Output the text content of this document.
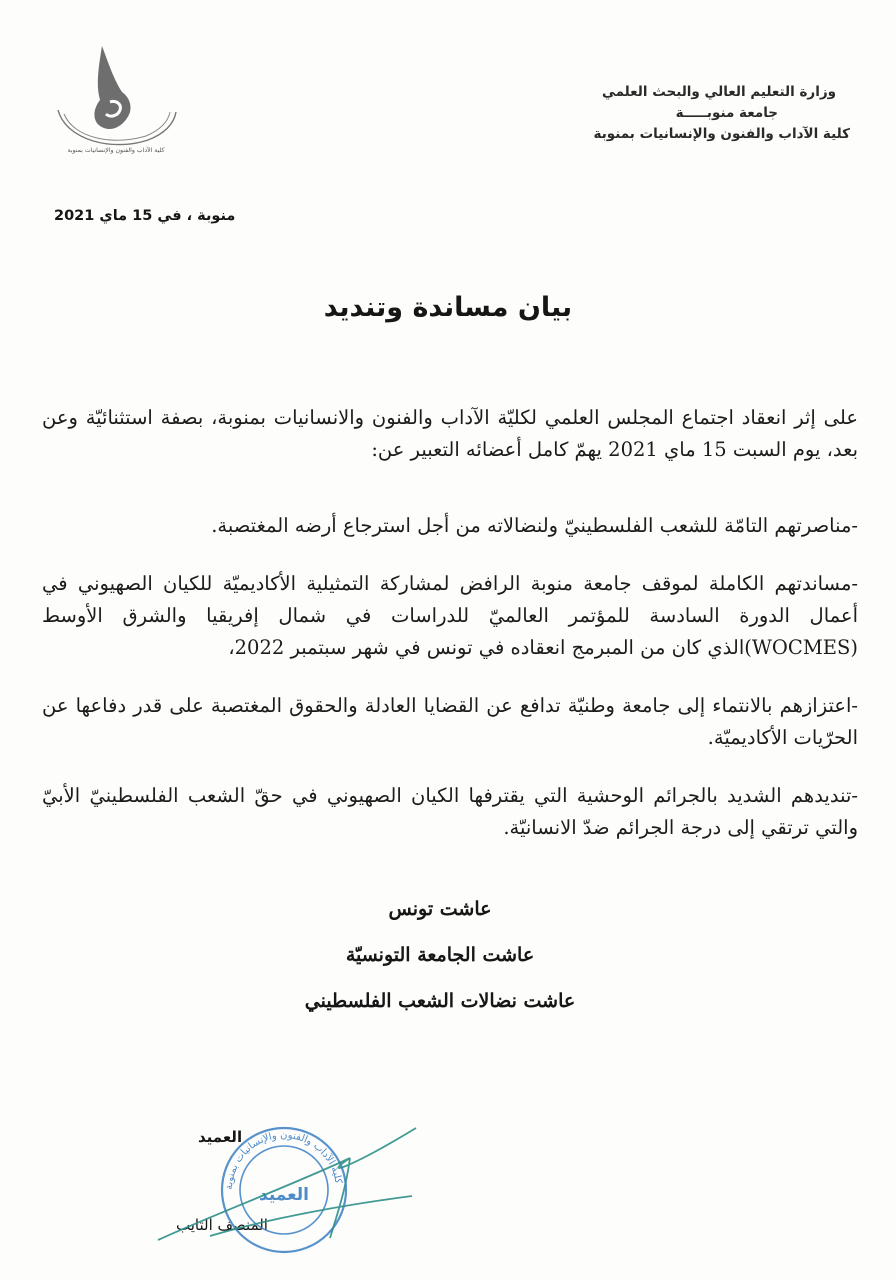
كلية الآداب والفنون والإنسانيات بمنوبة
وزارة التعليم العالي والبحث العلمي
جامعة منوبـــــة
كلية الآداب والفنون والإنسانيات بمنوبة
منوبة ، في 15 ماي 2021
بيان مساندة وتنديد

على إثر انعقاد اجتماع المجلس العلمي لكليّة الآداب والفنون والانسانيات بمنوبة، بصفة استثنائيّة وعن بعد، يوم السبت 15 ماي 2021 يهمّ كامل أعضائه التعبير عن:

-مناصرتهم التامّة للشعب الفلسطينيّ ولنضالاته من أجل استرجاع أرضه المغتصبة.

-مساندتهم الكاملة لموقف جامعة منوبة الرافض لمشاركة التمثيلية الأكاديميّة للكيان الصهيوني في أعمال الدورة السادسة للمؤتمر العالميّ للدراسات في شمال إفريقيا والشرق الأوسط (WOCMES)الذي كان من المبرمج انعقاده في تونس في شهر سبتمبر 2022،

-اعتزازهم بالانتماء إلى جامعة وطنيّة تدافع عن القضايا العادلة والحقوق المغتصبة على قدر دفاعها عن الحرّيات الأكاديميّة.

-تنديدهم الشديد بالجرائم الوحشية التي يقترفها الكيان الصهيوني في حقّ الشعب الفلسطينيّ الأبيّ والتي ترتقي إلى درجة الجرائم ضدّ الانسانيّة.

عاشت تونس
عاشت الجامعة التونسيّة
عاشت نضالات الشعب الفلسطيني
العميد
المنصف التايب
كلية الآداب والفنون والإنسانيات بمنوبة
العميد
